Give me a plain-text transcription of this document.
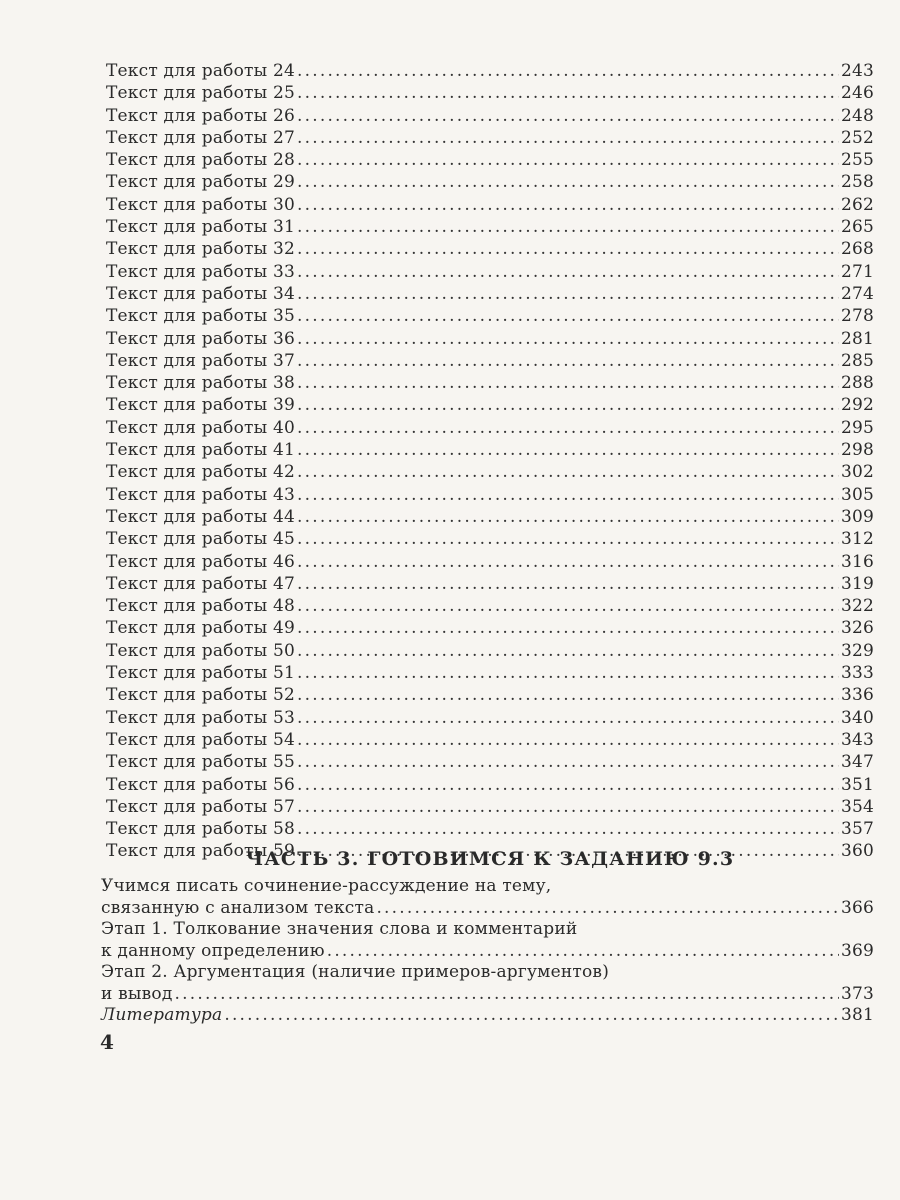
Текст для работы 24 . . .	243
Текст для работы 25 . . .	246
Текст для работы 26 . . .	248
Текст для работы 27 . . .	252
Текст для работы 28 . . .	255
Текст для работы 29 . . .	258
Текст для работы 30 . . .	262
Текст для работы 31 . . .	265
Текст для работы 32 . . .	268
Текст для работы 33 . . .	271
Текст для работы 34 . . .	274
Текст для работы 35 . . .	278
Текст для работы 36 . . .	281
Текст для работы 37 . . .	285
Текст для работы 38 . . .	288
Текст для работы 39 . . .	292
Текст для работы 40 . . .	295
Текст для работы 41 . . .	298
Текст для работы 42 . . .	302
Текст для работы 43 . . .	305
Текст для работы 44 . . .	309
Текст для работы 45 . . .	312
Текст для работы 46 . . .	316
Текст для работы 47 . . .	319
Текст для работы 48 . . .	322
Текст для работы 49 . . .	326
Текст для работы 50 . . .	329
Текст для работы 51 . . .	333
Текст для работы 52 . . .	336
Текст для работы 53 . . .	340
Текст для работы 54 . . .	343
Текст для работы 55 . . .	347
Текст для работы 56 . . .	351
Текст для работы 57 . . .	354
Текст для работы 58 . . .	357
Текст для работы 59 . . .	360
ЧАСТЬ 3. ГОТОВИМСЯ К ЗАДАНИЮ 9.3
Учимся писать сочинение-рассуждение на тему,
связанную с анализом текста . . .	366
Этап 1. Толкование значения слова и комментарий
к данному определению . . .	369
Этап 2. Аргументация (наличие примеров-аргументов)
и вывод . . .	373
Литература . . .	381
4
